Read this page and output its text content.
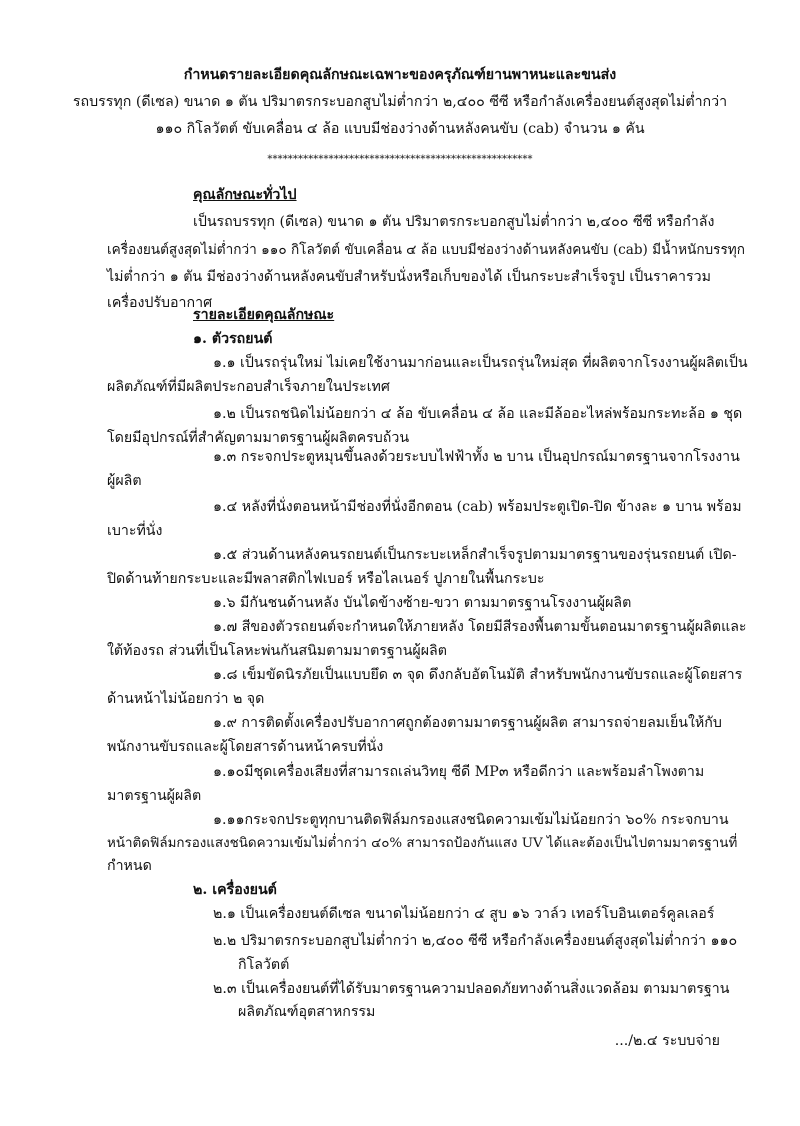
กำหนดรายละเอียดคุณลักษณะเฉพาะของครุภัณฑ์ยานพาหนะและขนส่ง
รถบรรทุก (ดีเซล) ขนาด ๑ ตัน ปริมาตรกระบอกสูบไม่ต่ำกว่า ๒,๔๐๐ ซีซี หรือกำลังเครื่องยนต์สูงสุดไม่ต่ำกว่า
๑๑๐ กิโลวัตต์ ขับเคลื่อน ๔ ล้อ แบบมีช่องว่างด้านหลังคนขับ (cab) จำนวน ๑ คัน
****************************************************
คุณลักษณะทั่วไป
เป็นรถบรรทุก (ดีเซล) ขนาด ๑ ตัน ปริมาตรกระบอกสูบไม่ต่ำกว่า ๒,๔๐๐ ซีซี หรือกำลัง
เครื่องยนต์สูงสุดไม่ต่ำกว่า ๑๑๐ กิโลวัตต์ ขับเคลื่อน ๔ ล้อ แบบมีช่องว่างด้านหลังคนขับ (cab) มีน้ำหนักบรรทุก
ไม่ต่ำกว่า ๑ ตัน มีช่องว่างด้านหลังคนขับสำหรับนั่งหรือเก็บของได้ เป็นกระบะสำเร็จรูป เป็นราคารวม
เครื่องปรับอากาศ
รายละเอียดคุณลักษณะ
๑. ตัวรถยนต์
๑.๑ เป็นรถรุ่นใหม่ ไม่เคยใช้งานมาก่อนและเป็นรถรุ่นใหม่สุด ที่ผลิตจากโรงงานผู้ผลิตเป็น
ผลิตภัณฑ์ที่มีผลิตประกอบสำเร็จภายในประเทศ
๑.๒ เป็นรถชนิดไม่น้อยกว่า ๔ ล้อ ขับเคลื่อน ๔ ล้อ และมีล้ออะไหล่พร้อมกระทะล้อ ๑ ชุด
โดยมีอุปกรณ์ที่สำคัญตามมาตรฐานผู้ผลิตครบถ้วน
๑.๓ กระจกประตูหมุนขึ้นลงด้วยระบบไฟฟ้าทั้ง ๒ บาน เป็นอุปกรณ์มาตรฐานจากโรงงาน
ผู้ผลิต
๑.๔ หลังที่นั่งตอนหน้ามีช่องที่นั่งอีกตอน (cab) พร้อมประตูเปิด-ปิด ข้างละ ๑ บาน พร้อม
เบาะที่นั่ง
๑.๕ ส่วนด้านหลังคนรถยนต์เป็นกระบะเหล็กสำเร็จรูปตามมาตรฐานของรุ่นรถยนต์ เปิด-
ปิดด้านท้ายกระบะและมีพลาสติกไฟเบอร์ หรือไลเนอร์ ปูภายในพื้นกระบะ
๑.๖ มีกันชนด้านหลัง บันไดข้างซ้าย-ขวา ตามมาตรฐานโรงงานผู้ผลิต
๑.๗ สีของตัวรถยนต์จะกำหนดให้ภายหลัง โดยมีสีรองพื้นตามขั้นตอนมาตรฐานผู้ผลิตและ
ใต้ท้องรถ ส่วนที่เป็นโลหะพ่นกันสนิมตามมาตรฐานผู้ผลิต
๑.๘ เข็มขัดนิรภัยเป็นแบบยึด ๓ จุด ดึงกลับอัตโนมัติ สำหรับพนักงานขับรถและผู้โดยสาร
ด้านหน้าไม่น้อยกว่า ๒ จุด
๑.๙ การติดตั้งเครื่องปรับอากาศถูกต้องตามมาตรฐานผู้ผลิต สามารถจ่ายลมเย็นให้กับ
พนักงานขับรถและผู้โดยสารด้านหน้าครบที่นั่ง
๑.๑๐มีชุดเครื่องเสียงที่สามารถเล่นวิทยุ ซีดี MP๓ หรือดีกว่า และพร้อมลำโพงตาม
มาตรฐานผู้ผลิต
๑.๑๑กระจกประตูทุกบานติดฟิล์มกรองแสงชนิดความเข้มไม่น้อยกว่า ๖๐% กระจกบาน
หน้าติดฟิล์มกรองแสงชนิดความเข้มไม่ต่ำกว่า ๔๐% สามารถป้องกันแสง UV ได้และต้องเป็นไปตามมาตรฐานที่
กำหนด
๒. เครื่องยนต์
๒.๑ เป็นเครื่องยนต์ดีเซล ขนาดไม่น้อยกว่า ๔ สูบ ๑๖ วาล์ว เทอร์โบอินเตอร์คูลเลอร์
๒.๒ ปริมาตรกระบอกสูบไม่ต่ำกว่า ๒,๔๐๐ ซีซี หรือกำลังเครื่องยนต์สูงสุดไม่ต่ำกว่า ๑๑๐
กิโลวัตต์
๒.๓ เป็นเครื่องยนต์ที่ได้รับมาตรฐานความปลอดภัยทางด้านสิ่งแวดล้อม ตามมาตรฐาน
ผลิตภัณฑ์อุตสาหกรรม
.../๒.๔ ระบบจ่าย
